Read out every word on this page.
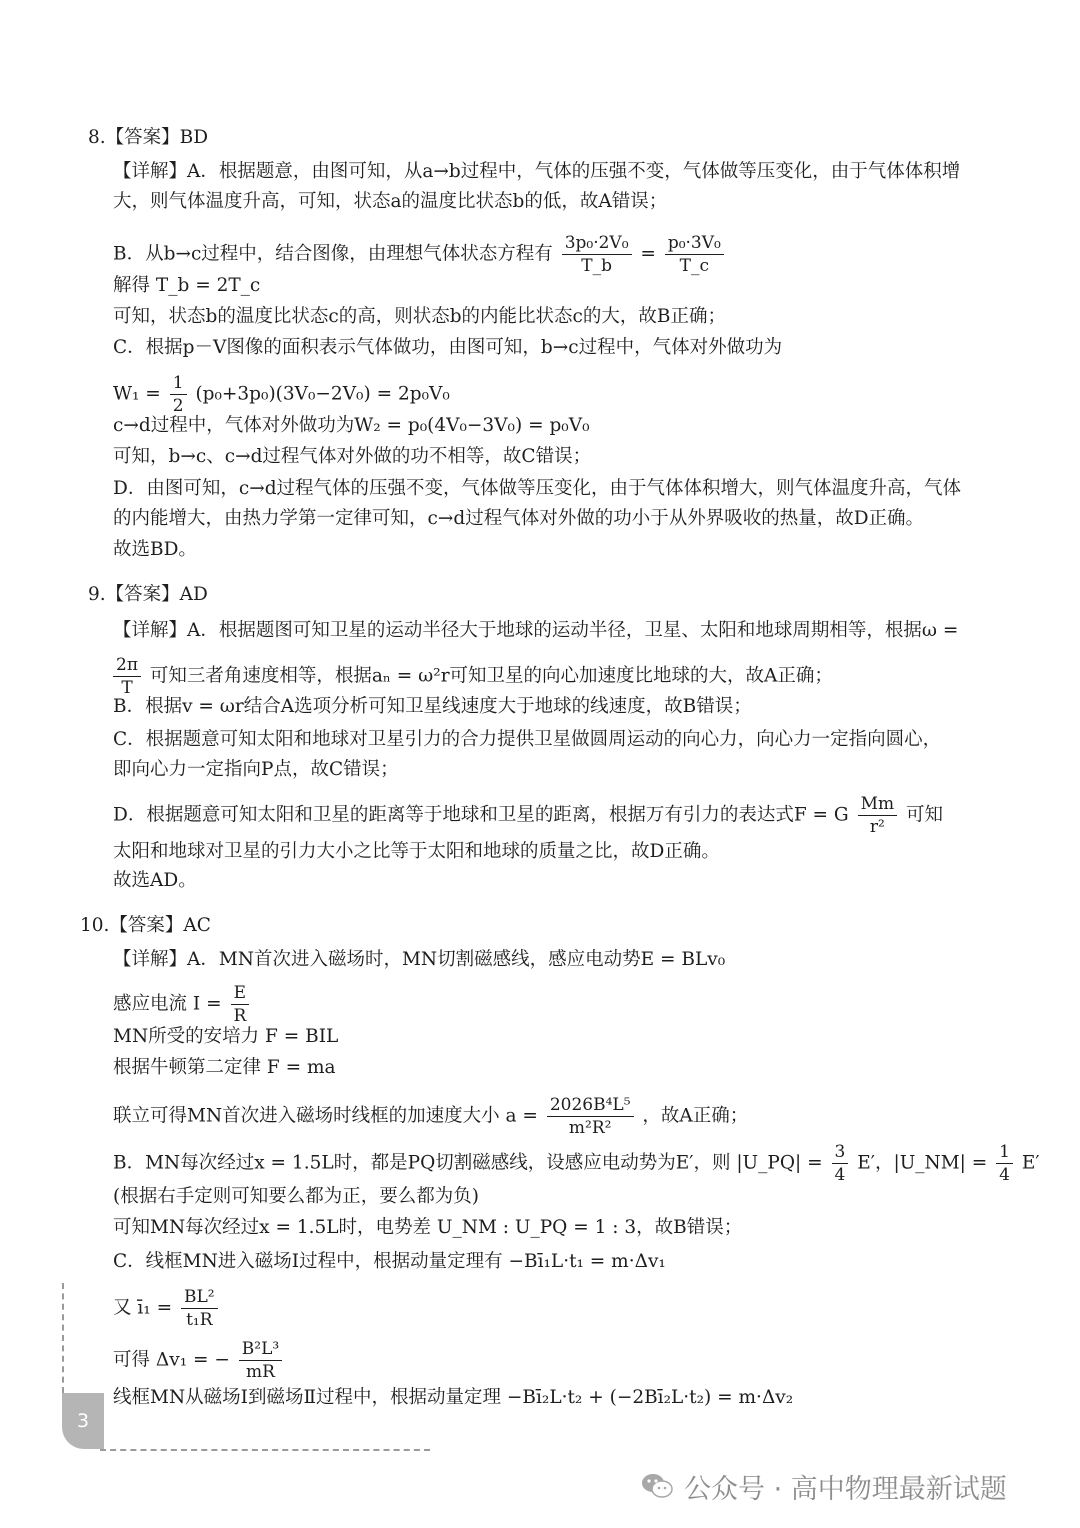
8.【答案】BD
【详解】A．根据题意，由图可知，从a→b过程中，气体的压强不变，气体做等压变化，由于气体体积增
大，则气体温度升高，可知，状态a的温度比状态b的低，故A错误；
B．从b→c过程中，结合图像，由理想气体状态方程有 $\frac{\text{3p₀·2V₀}}{T\_b} = \frac{\text{p₀·3V₀}}{T\_c}$
解得 T_b = 2T_c
可知，状态b的温度比状态c的高，则状态b的内能比状态c的大，故B正确；
C．根据p－V图像的面积表示气体做功，由图可知，b→c过程中，气体对外做功为
$W_1 = \frac{1}{2} (p_0+3p_0)(3V_0-2V_0) = 2p_0V_0$
c→d过程中，气体对外做功为W₂ = p₀(4V₀−3V₀) = p₀V₀
可知，b→c、c→d过程气体对外做的功不相等，故C错误；
D．由图可知，c→d过程气体的压强不变，气体做等压变化，由于气体体积增大，则气体温度升高，气体
的内能增大，由热力学第一定律可知，c→d过程气体对外做的功小于从外界吸收的热量，故D正确。
故选BD。
9.【答案】AD
【详解】A．根据题图可知卫星的运动半径大于地球的运动半径，卫星、太阳和地球周期相等，根据ω =
$\frac{2\pi}{T}$ 可知三者角速度相等，根据aₙ = ω²r可知卫星的向心加速度比地球的大，故A正确；
B．根据v = ωr结合A选项分析可知卫星线速度大于地球的线速度，故B错误；
C．根据题意可知太阳和地球对卫星引力的合力提供卫星做圆周运动的向心力，向心力一定指向圆心，
即向心力一定指向P点，故C错误；
D．根据题意可知太阳和卫星的距离等于地球和卫星的距离，根据万有引力的表达式F = G $\frac{Mm}{\text{r²}}$ 可知
太阳和地球对卫星的引力大小之比等于太阳和地球的质量之比，故D正确。
故选AD。
10.【答案】AC
【详解】A．MN首次进入磁场时，MN切割磁感线，感应电动势E = BLv₀
感应电流 $I = \frac{E}{R}$
MN所受的安培力 F = BIL
根据牛顿第二定律 F = ma
联立可得MN首次进入磁场时线框的加速度大小 $a = \frac{\text{2026B⁴L⁵}}{\text{m²R²}}$ ，故A正确；
B．MN每次经过x = 1.5L时，都是PQ切割磁感线，设感应电动势为E′，则 |U_PQ| = $\frac{3}{4} E'$，|U_NM| = $\frac{1}{4} E'$
(根据右手定则可知要么都为正，要么都为负)
可知MN每次经过x = 1.5L时，电势差 U_NM : U_PQ = 1 : 3，故B错误；
C．线框MN进入磁场Ⅰ过程中，根据动量定理有 −Bī₁L·t₁ = m·Δv₁
又 ī₁ = $\frac{\text{BL²}}{\text{t₁R}}$
可得 Δv₁ = − $\frac{\text{B²L³}}{mR}$
线框MN从磁场Ⅰ到磁场Ⅱ过程中，根据动量定理 −Bī₂L·t₂ + (−2Bī₂L·t₂) = m·Δv₂
3
公众号 · 高中物理最新试题
